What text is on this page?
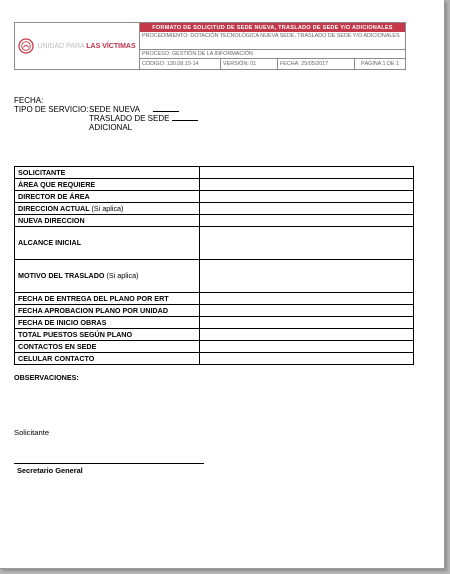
UNIDAD PARA LAS VÍCTIMAS
FORMATO DE SOLICITUD DE SEDE NUEVA, TRASLADO DE SEDE Y/O ADICIONALES
PROCEDIMIENTO: DOTACIÓN TECNOLÓGICA NUEVA SEDE, TRASLADO DE SEDE Y/O ADICIONALES
PROCESO: GESTIÓN DE LA INFORMACIÓN
CÓDIGO: 130.08.15-14	VERSIÓN: 01	FECHA: 25/05/2017	PÁGINA 1 DE 1
FECHA:
TIPO DE SERVICIO: SEDE NUEVA
TRASLADO DE SEDE
ADICIONAL
SOLICITANTE	
ÁREA QUE REQUIERE	
DIRECTOR DE ÁREA	
DIRECCION ACTUAL (Si aplica)	
NUEVA DIRECCION	
ALCANCE INICIAL	
MOTIVO DEL TRASLADO (Si aplica)	
FECHA DE ENTREGA DEL PLANO POR ERT	
FECHA APROBACION PLANO POR UNIDAD	
FECHA DE INICIO OBRAS	
TOTAL PUESTOS SEGÚN PLANO	
CONTACTOS EN SEDE	
CELULAR CONTACTO	
OBSERVACIONES:
Solicitante
Secretario General
